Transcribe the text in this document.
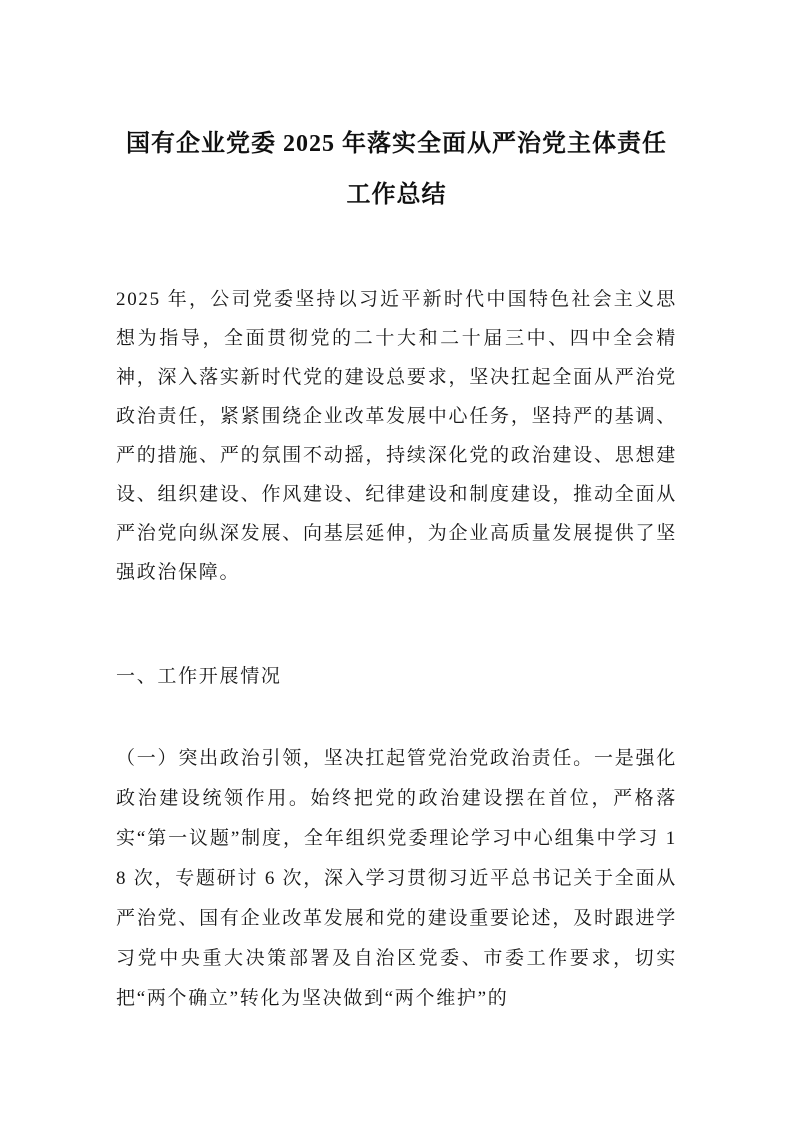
国有企业党委 2025 年落实全面从严治党主体责任工作总结

2025 年，公司党委坚持以习近平新时代中国特色社会主义思想为指导，全面贯彻党的二十大和二十届三中、四中全会精神，深入落实新时代党的建设总要求，坚决扛起全面从严治党政治责任，紧紧围绕企业改革发展中心任务，坚持严的基调、严的措施、严的氛围不动摇，持续深化党的政治建设、思想建设、组织建设、作风建设、纪律建设和制度建设，推动全面从严治党向纵深发展、向基层延伸，为企业高质量发展提供了坚强政治保障。

一、工作开展情况

（一）突出政治引领，坚决扛起管党治党政治责任。一是强化政治建设统领作用。始终把党的政治建设摆在首位，严格落实“第一议题”制度，全年组织党委理论学习中心组集中学习 18 次，专题研讨 6 次，深入学习贯彻习近平总书记关于全面从严治党、国有企业改革发展和党的建设重要论述，及时跟进学习党中央重大决策部署及自治区党委、市委工作要求，切实把“两个确立”转化为坚决做到“两个维护”的
